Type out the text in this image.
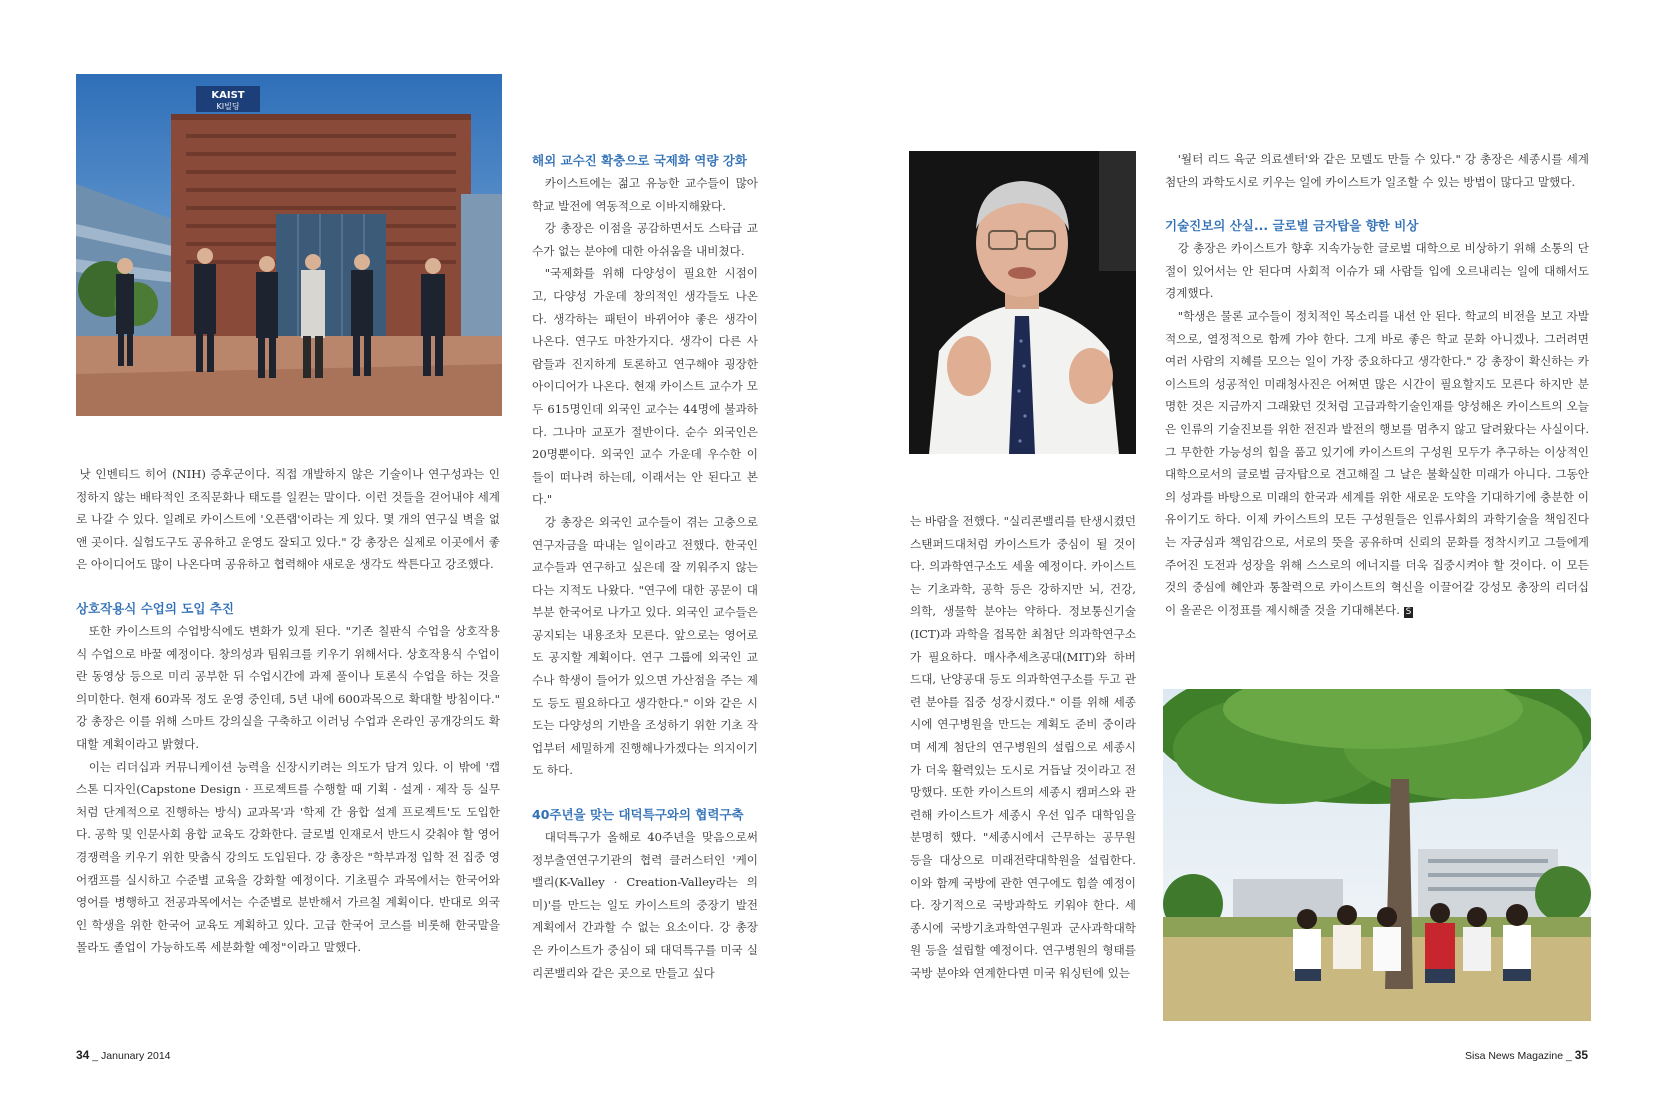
KAIST
KI빌딩

낫 인벤티드 히어 (NIH) 증후군이다. 직접 개발하지 않은 기술이나 연구성과는 인정하지 않는 배타적인 조직문화나 태도를 일컫는 말이다. 이런 것들을 걷어내야 세계로 나갈 수 있다. 일례로 카이스트에 '오픈랩'이라는 게 있다. 몇 개의 연구실 벽을 없앤 곳이다. 실험도구도 공유하고 운영도 잘되고 있다." 강 총장은 실제로 이곳에서 좋은 아이디어도 많이 나온다며 공유하고 협력해야 새로운 생각도 싹튼다고 강조했다.

상호작용식 수업의 도입 추진

또한 카이스트의 수업방식에도 변화가 있게 된다. "기존 칠판식 수업을 상호작용식 수업으로 바꿀 예정이다. 창의성과 팀워크를 키우기 위해서다. 상호작용식 수업이란 동영상 등으로 미리 공부한 뒤 수업시간에 과제 풀이나 토론식 수업을 하는 것을 의미한다. 현재 60과목 정도 운영 중인데, 5년 내에 600과목으로 확대할 방침이다." 강 총장은 이를 위해 스마트 강의실을 구축하고 이러닝 수업과 온라인 공개강의도 확대할 계획이라고 밝혔다.

이는 리더십과 커뮤니케이션 능력을 신장시키려는 의도가 담겨 있다. 이 밖에 '캡스톤 디자인(Capstone Design · 프로젝트를 수행할 때 기획 · 설계 · 제작 등 실무처럼 단계적으로 진행하는 방식) 교과목'과 '학제 간 융합 설계 프로젝트'도 도입한다. 공학 및 인문사회 융합 교육도 강화한다. 글로벌 인재로서 반드시 갖춰야 할 영어경쟁력을 키우기 위한 맞춤식 강의도 도입된다. 강 총장은 "학부과정 입학 전 집중 영어캠프를 실시하고 수준별 교육을 강화할 예정이다. 기초필수 과목에서는 한국어와 영어를 병행하고 전공과목에서는 수준별로 분반해서 가르칠 계획이다. 반대로 외국인 학생을 위한 한국어 교육도 계획하고 있다. 고급 한국어 코스를 비롯해 한국말을 몰라도 졸업이 가능하도록 세분화할 예정"이라고 말했다.

해외 교수진 확충으로 국제화 역량 강화

카이스트에는 젊고 유능한 교수들이 많아 학교 발전에 역동적으로 이바지해왔다.

강 총장은 이점을 공감하면서도 스타급 교수가 없는 분야에 대한 아쉬움을 내비쳤다.

"국제화를 위해 다양성이 필요한 시점이고, 다양성 가운데 창의적인 생각들도 나온다. 생각하는 패턴이 바뀌어야 좋은 생각이 나온다. 연구도 마찬가지다. 생각이 다른 사람들과 진지하게 토론하고 연구해야 굉장한 아이디어가 나온다. 현재 카이스트 교수가 모두 615명인데 외국인 교수는 44명에 불과하다. 그나마 교포가 절반이다. 순수 외국인은 20명뿐이다. 외국인 교수 가운데 우수한 이들이 떠나려 하는데, 이래서는 안 된다고 본다."

강 총장은 외국인 교수들이 겪는 고충으로 연구자금을 따내는 일이라고 전했다. 한국인 교수들과 연구하고 싶은데 잘 끼워주지 않는다는 지적도 나왔다. "연구에 대한 공문이 대부분 한국어로 나가고 있다. 외국인 교수들은 공지되는 내용조차 모른다. 앞으로는 영어로도 공지할 계획이다. 연구 그룹에 외국인 교수나 학생이 들어가 있으면 가산점을 주는 제도 등도 필요하다고 생각한다." 이와 같은 시도는 다양성의 기반을 조성하기 위한 기초 작업부터 세밀하게 진행해나가겠다는 의지이기도 하다.

40주년을 맞는 대덕특구와의 협력구축

대덕특구가 올해로 40주년을 맞음으로써 정부출연연구기관의 협력 클러스터인 '케이밸리(K-Valley · Creation-Valley라는 의미)'를 만드는 일도 카이스트의 중장기 발전계획에서 간과할 수 없는 요소이다. 강 총장은 카이스트가 중심이 돼 대덕특구를 미국 실리콘밸리와 같은 곳으로 만들고 싶다

34 _ Janunary 2014

는 바람을 전했다. "실리콘밸리를 탄생시켰던 스탠퍼드대처럼 카이스트가 중심이 될 것이다. 의과학연구소도 세울 예정이다. 카이스트는 기초과학, 공학 등은 강하지만 뇌, 건강, 의학, 생물학 분야는 약하다. 정보통신기술(ICT)과 과학을 접목한 최첨단 의과학연구소가 필요하다. 매사추세츠공대(MIT)와 하버드대, 난양공대 등도 의과학연구소를 두고 관련 분야를 집중 성장시켰다." 이를 위해 세종시에 연구병원을 만드는 계획도 준비 중이라며 세계 첨단의 연구병원의 설립으로 세종시가 더욱 활력있는 도시로 거듭날 것이라고 전망했다. 또한 카이스트의 세종시 캠퍼스와 관련해 카이스트가 세종시 우선 입주 대학임을 분명히 했다. "세종시에서 근무하는 공무원 등을 대상으로 미래전략대학원을 설립한다. 이와 함께 국방에 관한 연구에도 힘쓸 예정이다. 장기적으로 국방과학도 키워야 한다. 세종시에 국방기초과학연구원과 군사과학대학원 등을 설립할 예정이다. 연구병원의 형태를 국방 분야와 연계한다면 미국 워싱턴에 있는

'월터 리드 육군 의료센터'와 같은 모델도 만들 수 있다." 강 총장은 세종시를 세계 첨단의 과학도시로 키우는 일에 카이스트가 일조할 수 있는 방법이 많다고 말했다.

기술진보의 산실... 글로벌 금자탑을 향한 비상

강 총장은 카이스트가 향후 지속가능한 글로벌 대학으로 비상하기 위해 소통의 단절이 있어서는 안 된다며 사회적 이슈가 돼 사람들 입에 오르내리는 일에 대해서도 경계했다.

"학생은 물론 교수들이 정치적인 목소리를 내선 안 된다. 학교의 비전을 보고 자발적으로, 열정적으로 함께 가야 한다. 그게 바로 좋은 학교 문화 아니겠나. 그러려면 여러 사람의 지혜를 모으는 일이 가장 중요하다고 생각한다." 강 총장이 확신하는 카이스트의 성공적인 미래청사진은 어쩌면 많은 시간이 필요할지도 모른다 하지만 분명한 것은 지금까지 그래왔던 것처럼 고급과학기술인재를 양성해온 카이스트의 오늘은 인류의 기술진보를 위한 전진과 발전의 행보를 멈추지 않고 달려왔다는 사실이다. 그 무한한 가능성의 힘을 품고 있기에 카이스트의 구성원 모두가 추구하는 이상적인 대학으로서의 글로벌 금자탑으로 견고해질 그 날은 불확실한 미래가 아니다. 그동안의 성과를 바탕으로 미래의 한국과 세계를 위한 새로운 도약을 기대하기에 충분한 이유이기도 하다. 이제 카이스트의 모든 구성원들은 인류사회의 과학기술을 책임진다는 자긍심과 책임감으로, 서로의 뜻을 공유하며 신뢰의 문화를 정착시키고 그들에게 주어진 도전과 성장을 위해 스스로의 에너지를 더욱 집중시켜야 할 것이다. 이 모든 것의 중심에 혜안과 통찰력으로 카이스트의 혁신을 이끌어갈 강성모 총장의 리더십이 올곧은 이정표를 제시해줄 것을 기대해본다. S

Sisa News Magazine _ 35
